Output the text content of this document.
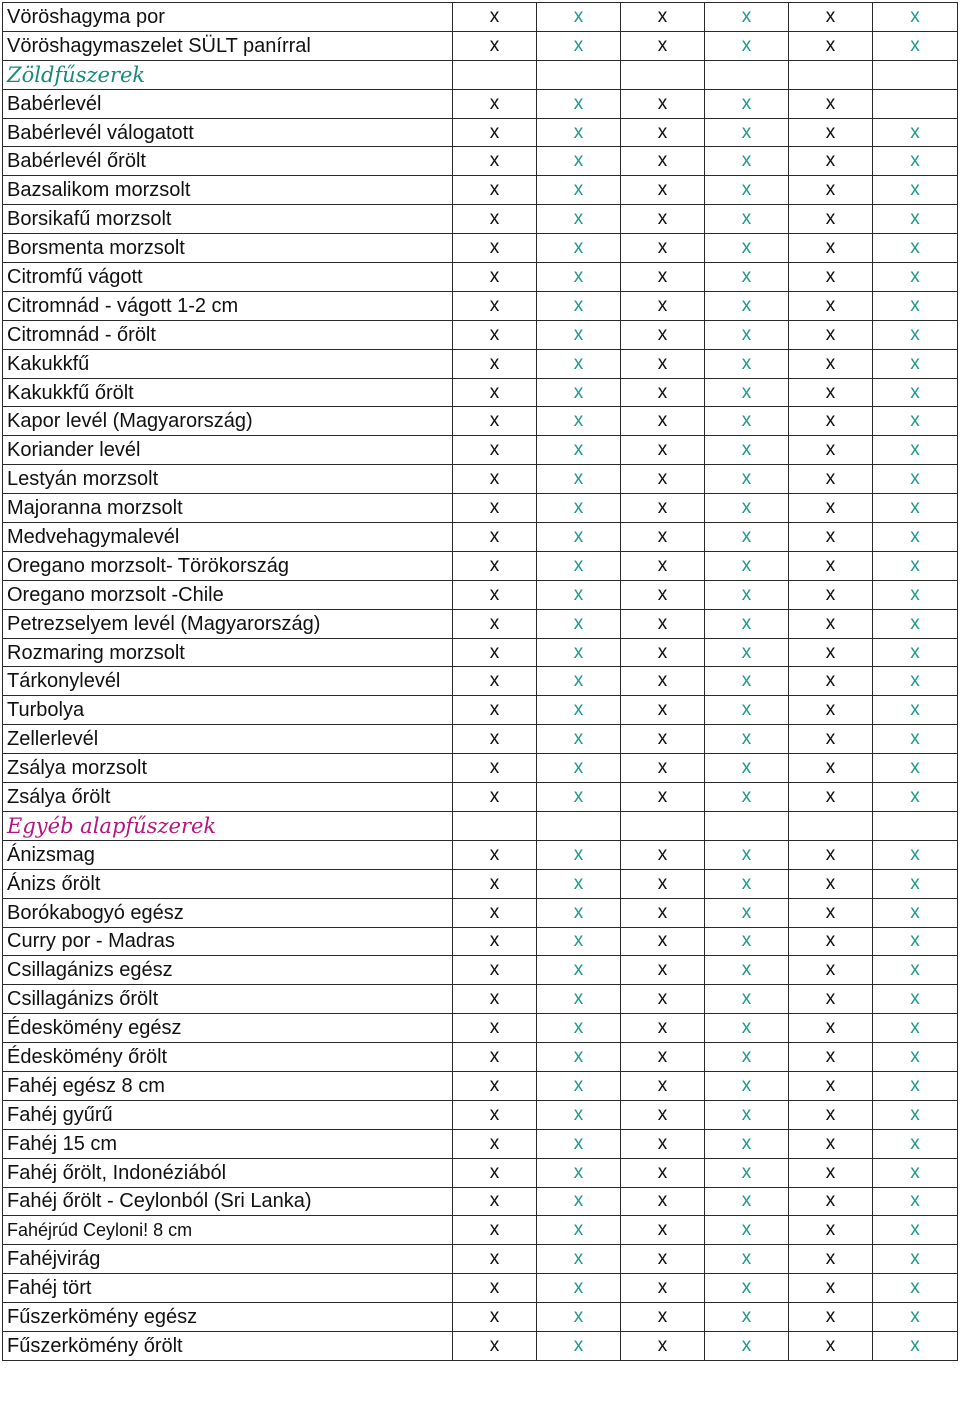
Vöröshagyma por	x	x	x	x	x	x
Vöröshagymaszelet SÜLT panírral	x	x	x	x	x	x
Zöldfűszerek						
Babérlevél	x	x	x	x	x	
Babérlevél válogatott	x	x	x	x	x	x
Babérlevél őrölt	x	x	x	x	x	x
Bazsalikom morzsolt	x	x	x	x	x	x
Borsikafű morzsolt	x	x	x	x	x	x
Borsmenta morzsolt	x	x	x	x	x	x
Citromfű vágott	x	x	x	x	x	x
Citromnád - vágott 1-2 cm	x	x	x	x	x	x
Citromnád - őrölt	x	x	x	x	x	x
Kakukkfű	x	x	x	x	x	x
Kakukkfű őrölt	x	x	x	x	x	x
Kapor levél (Magyarország)	x	x	x	x	x	x
Koriander levél	x	x	x	x	x	x
Lestyán morzsolt	x	x	x	x	x	x
Majoranna morzsolt	x	x	x	x	x	x
Medvehagymalevél	x	x	x	x	x	x
Oregano morzsolt- Törökország	x	x	x	x	x	x
Oregano morzsolt -Chile	x	x	x	x	x	x
Petrezselyem levél (Magyarország)	x	x	x	x	x	x
Rozmaring morzsolt	x	x	x	x	x	x
Tárkonylevél	x	x	x	x	x	x
Turbolya	x	x	x	x	x	x
Zellerlevél	x	x	x	x	x	x
Zsálya morzsolt	x	x	x	x	x	x
Zsálya őrölt	x	x	x	x	x	x
Egyéb alapfűszerek						
Ánizsmag	x	x	x	x	x	x
Ánizs őrölt	x	x	x	x	x	x
Borókabogyó egész	x	x	x	x	x	x
Curry por - Madras	x	x	x	x	x	x
Csillagánizs egész	x	x	x	x	x	x
Csillagánizs őrölt	x	x	x	x	x	x
Édeskömény egész	x	x	x	x	x	x
Édeskömény őrölt	x	x	x	x	x	x
Fahéj egész 8 cm	x	x	x	x	x	x
Fahéj gyűrű	x	x	x	x	x	x
Fahéj 15 cm	x	x	x	x	x	x
Fahéj őrölt, Indonéziából	x	x	x	x	x	x
Fahéj őrölt - Ceylonból (Sri Lanka)	x	x	x	x	x	x
Fahéjrúd Ceyloni! 8 cm	x	x	x	x	x	x
Fahéjvirág	x	x	x	x	x	x
Fahéj tört	x	x	x	x	x	x
Fűszerkömény egész	x	x	x	x	x	x
Fűszerkömény őrölt	x	x	x	x	x	x
